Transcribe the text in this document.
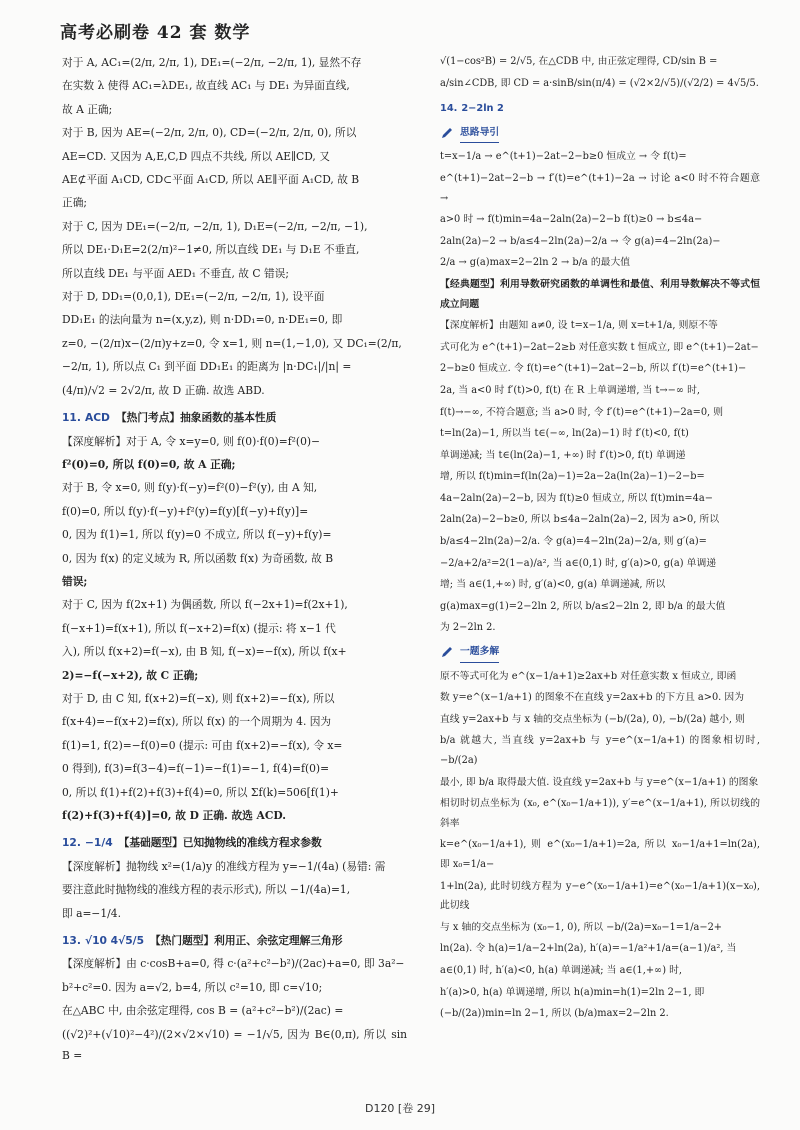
高考必刷卷 42 套 数学

对于 A, AC₁=(2/π, 2/π, 1), DE₁=(−2/π, −2/π, 1), 显然不存

在实数 λ 使得 AC₁=λDE₁, 故直线 AC₁ 与 DE₁ 为异面直线,

故 A 正确;

对于 B, 因为 AE=(−2/π, 2/π, 0), CD=(−2/π, 2/π, 0), 所以

AE=CD. 又因为 A,E,C,D 四点不共线, 所以 AE∥CD, 又

AE⊄平面 A₁CD, CD⊂平面 A₁CD, 所以 AE∥平面 A₁CD, 故 B

正确;

对于 C, 因为 DE₁=(−2/π, −2/π, 1), D₁E=(−2/π, −2/π, −1),

所以 DE₁·D₁E=2(2/π)²−1≠0, 所以直线 DE₁ 与 D₁E 不垂直,

所以直线 DE₁ 与平面 AED₁ 不垂直, 故 C 错误;

对于 D, DD₁=(0,0,1), DE₁=(−2/π, −2/π, 1), 设平面

DD₁E₁ 的法向量为 n=(x,y,z), 则 n·DD₁=0, n·DE₁=0, 即

z=0, −(2/π)x−(2/π)y+z=0, 令 x=1, 则 n=(1,−1,0), 又 DC₁=(2/π,

−2/π, 1), 所以点 C₁ 到平面 DD₁E₁ 的距离为 |n·DC₁|/|n| =

(4/π)/√2 = 2√2/π, 故 D 正确. 故选 ABD.

11. ACD 【热门考点】抽象函数的基本性质

【深度解析】对于 A, 令 x=y=0, 则 f(0)·f(0)=f²(0)−

f²(0)=0, 所以 f(0)=0, 故 A 正确;

对于 B, 令 x=0, 则 f(y)·f(−y)=f²(0)−f²(y), 由 A 知,

f(0)=0, 所以 f(y)·f(−y)+f²(y)=f(y)[f(−y)+f(y)]=

0, 因为 f(1)=1, 所以 f(y)=0 不成立, 所以 f(−y)+f(y)=

0, 因为 f(x) 的定义域为 R, 所以函数 f(x) 为奇函数, 故 B

错误;

对于 C, 因为 f(2x+1) 为偶函数, 所以 f(−2x+1)=f(2x+1),

f(−x+1)=f(x+1), 所以 f(−x+2)=f(x) (提示: 将 x−1 代

入), 所以 f(x+2)=f(−x), 由 B 知, f(−x)=−f(x), 所以 f(x+

2)=−f(−x+2), 故 C 正确;

对于 D, 由 C 知, f(x+2)=f(−x), 则 f(x+2)=−f(x), 所以

f(x+4)=−f(x+2)=f(x), 所以 f(x) 的一个周期为 4. 因为

f(1)=1, f(2)=−f(0)=0 (提示: 可由 f(x+2)=−f(x), 令 x=

0 得到), f(3)=f(3−4)=f(−1)=−f(1)=−1, f(4)=f(0)=

0, 所以 f(1)+f(2)+f(3)+f(4)=0, 所以 Σf(k)=506[f(1)+

f(2)+f(3)+f(4)]=0, 故 D 正确. 故选 ACD.

12. −1/4 【基础题型】已知抛物线的准线方程求参数

【深度解析】抛物线 x²=(1/a)y 的准线方程为 y=−1/(4a) (易错: 需

要注意此时抛物线的准线方程的表示形式), 所以 −1/(4a)=1,

即 a=−1/4.

13. √10 4√5/5 【热门题型】利用正、余弦定理解三角形

【深度解析】由 c·cosB+a=0, 得 c·(a²+c²−b²)/(2ac)+a=0, 即 3a²−

b²+c²=0. 因为 a=√2, b=4, 所以 c²=10, 即 c=√10;

在△ABC 中, 由余弦定理得, cos B = (a²+c²−b²)/(2ac) =

((√2)²+(√10)²−4²)/(2×√2×√10) = −1/√5, 因为 B∈(0,π), 所以 sin B =

√(1−cos²B) = 2/√5, 在△CDB 中, 由正弦定理得, CD/sin B =

a/sin∠CDB, 即 CD = a·sinB/sin(π/4) = (√2×2/√5)/(√2/2) = 4√5/5.

14. 2−2ln 2

思路导引

t=x−1/a → e^(t+1)−2at−2−b≥0 恒成立 → 令 f(t)=

e^(t+1)−2at−2−b → f′(t)=e^(t+1)−2a → 讨论 a<0 时不符合题意 →

a>0 时 → f(t)min=4a−2aln(2a)−2−b f(t)≥0 → b≤4a−

2aln(2a)−2 → b/a≤4−2ln(2a)−2/a → 令 g(a)=4−2ln(2a)−

2/a → g(a)max=2−2ln 2 → b/a 的最大值

【经典题型】利用导数研究函数的单调性和最值、利用导数解决不等式恒成立问题

【深度解析】由题知 a≠0, 设 t=x−1/a, 则 x=t+1/a, 则原不等

式可化为 e^(t+1)−2at−2≥b 对任意实数 t 恒成立, 即 e^(t+1)−2at−

2−b≥0 恒成立. 令 f(t)=e^(t+1)−2at−2−b, 所以 f′(t)=e^(t+1)−

2a, 当 a<0 时 f′(t)>0, f(t) 在 R 上单调递增, 当 t→−∞ 时,

f(t)→−∞, 不符合题意; 当 a>0 时, 令 f′(t)=e^(t+1)−2a=0, 则

t=ln(2a)−1, 所以当 t∈(−∞, ln(2a)−1) 时 f′(t)<0, f(t)

单调递减; 当 t∈(ln(2a)−1, +∞) 时 f′(t)>0, f(t) 单调递

增, 所以 f(t)min=f(ln(2a)−1)=2a−2a(ln(2a)−1)−2−b=

4a−2aln(2a)−2−b, 因为 f(t)≥0 恒成立, 所以 f(t)min=4a−

2aln(2a)−2−b≥0, 所以 b≤4a−2aln(2a)−2, 因为 a>0, 所以

b/a≤4−2ln(2a)−2/a. 令 g(a)=4−2ln(2a)−2/a, 则 g′(a)=

−2/a+2/a²=2(1−a)/a², 当 a∈(0,1) 时, g′(a)>0, g(a) 单调递

增; 当 a∈(1,+∞) 时, g′(a)<0, g(a) 单调递减, 所以

g(a)max=g(1)=2−2ln 2, 所以 b/a≤2−2ln 2, 即 b/a 的最大值

为 2−2ln 2.

一题多解

原不等式可化为 e^(x−1/a+1)≥2ax+b 对任意实数 x 恒成立, 即函

数 y=e^(x−1/a+1) 的图象不在直线 y=2ax+b 的下方且 a>0. 因为

直线 y=2ax+b 与 x 轴的交点坐标为 (−b/(2a), 0), −b/(2a) 越小, 则

b/a 就越大, 当直线 y=2ax+b 与 y=e^(x−1/a+1) 的图象相切时, −b/(2a)

最小, 即 b/a 取得最大值. 设直线 y=2ax+b 与 y=e^(x−1/a+1) 的图象

相切时切点坐标为 (x₀, e^(x₀−1/a+1)), y′=e^(x−1/a+1), 所以切线的斜率

k=e^(x₀−1/a+1), 则 e^(x₀−1/a+1)=2a, 所以 x₀−1/a+1=ln(2a), 即 x₀=1/a−

1+ln(2a), 此时切线方程为 y−e^(x₀−1/a+1)=e^(x₀−1/a+1)(x−x₀), 此切线

与 x 轴的交点坐标为 (x₀−1, 0), 所以 −b/(2a)=x₀−1=1/a−2+

ln(2a). 令 h(a)=1/a−2+ln(2a), h′(a)=−1/a²+1/a=(a−1)/a², 当

a∈(0,1) 时, h′(a)<0, h(a) 单调递减; 当 a∈(1,+∞) 时,

h′(a)>0, h(a) 单调递增, 所以 h(a)min=h(1)=2ln 2−1, 即

(−b/(2a))min=ln 2−1, 所以 (b/a)max=2−2ln 2.

D120 [卷 29]
